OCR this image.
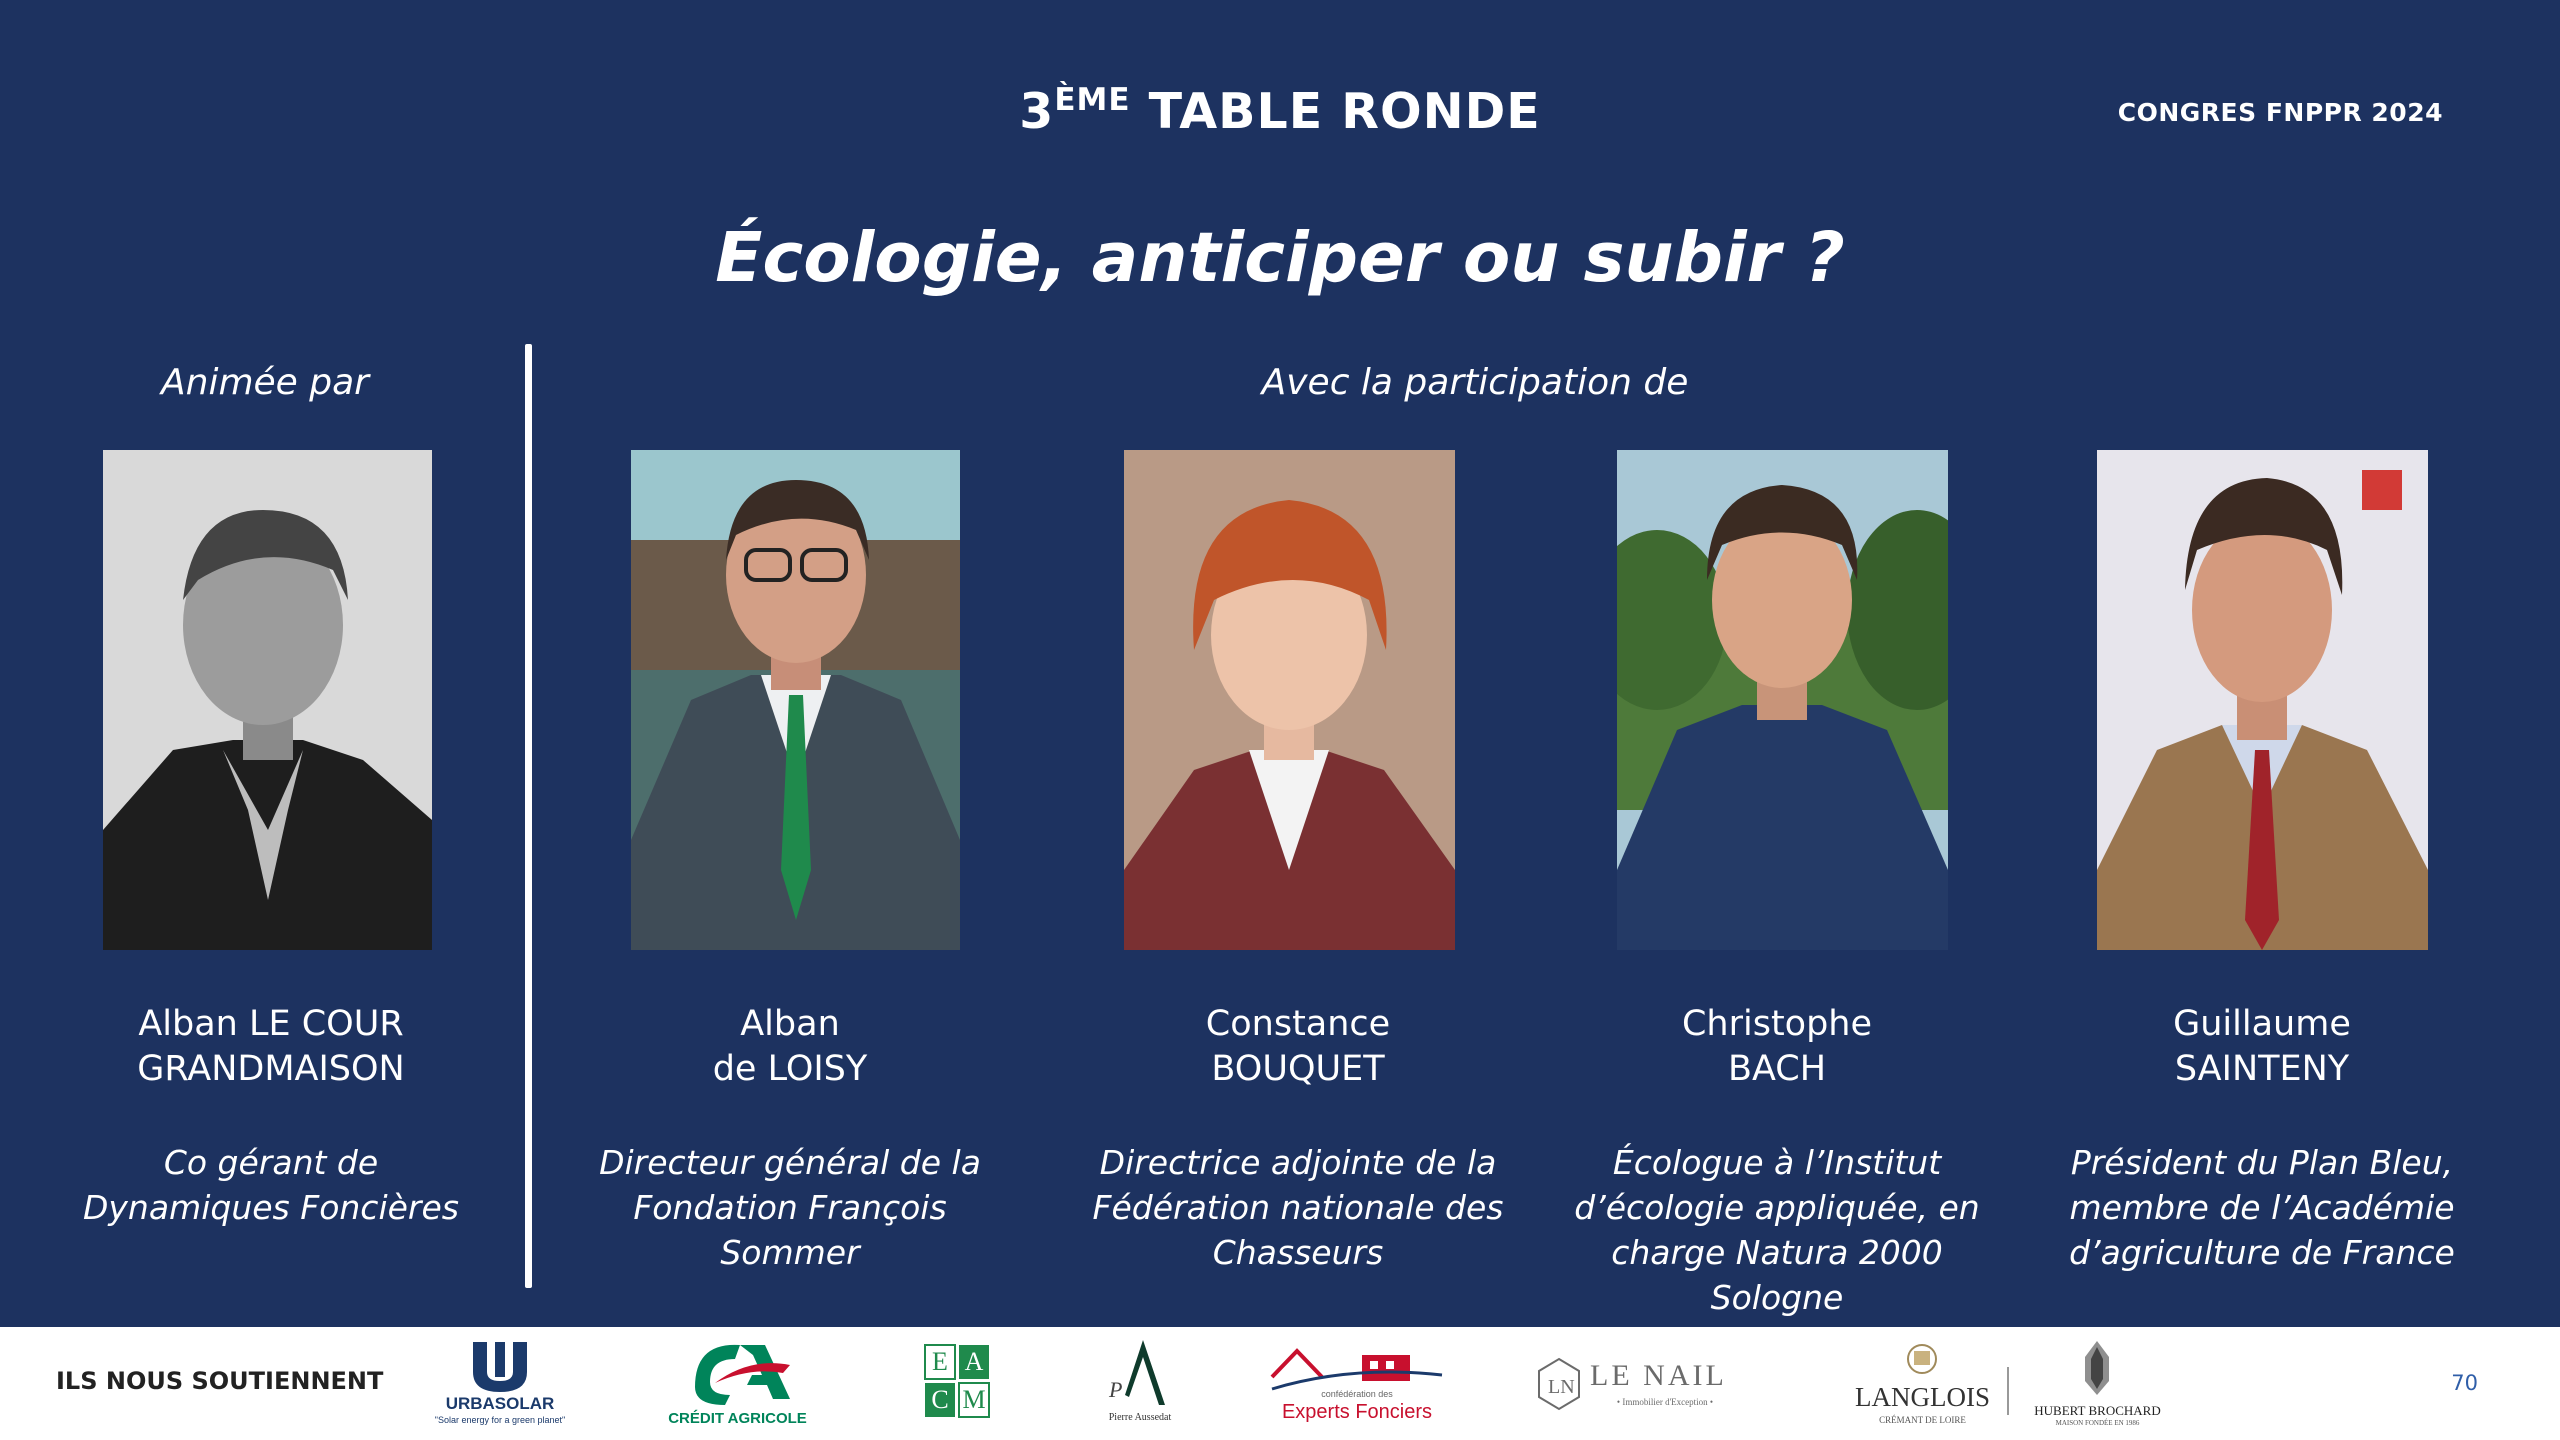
3ÈME TABLE RONDE	CONGRES FNPPR 2024
Écologie, anticiper ou subir ?
Animée par	Avec la participation de
Alban LE COUR
GRANDMAISON
Alban
de LOISY
Constance
BOUQUET
Christophe
BACH
Guillaume
SAINTENY
Co gérant de
Dynamiques Foncières
Directeur général de la
Fondation François Sommer
Directrice adjointe de la
Fédération nationale des
Chasseurs
Écologue à l’Institut
d’écologie appliquée, en
charge Natura 2000 Sologne
Président du Plan Bleu,
membre de l’Académie
d’agriculture de France
ILS NOUS SOUTIENNENT
URBASOLAR
"Solar energy for a green planet"	CRÉDIT AGRICOLE
E A
C M	P
Pierre Aussedat
confédération des
Experts Fonciers
LN LE NAIL
• Immobilier d'Exception •	LANGLOIS
CRÉMANT DE LOIRE
HUBERT BROCHARD
MAISON FONDÉE EN 1986
70
